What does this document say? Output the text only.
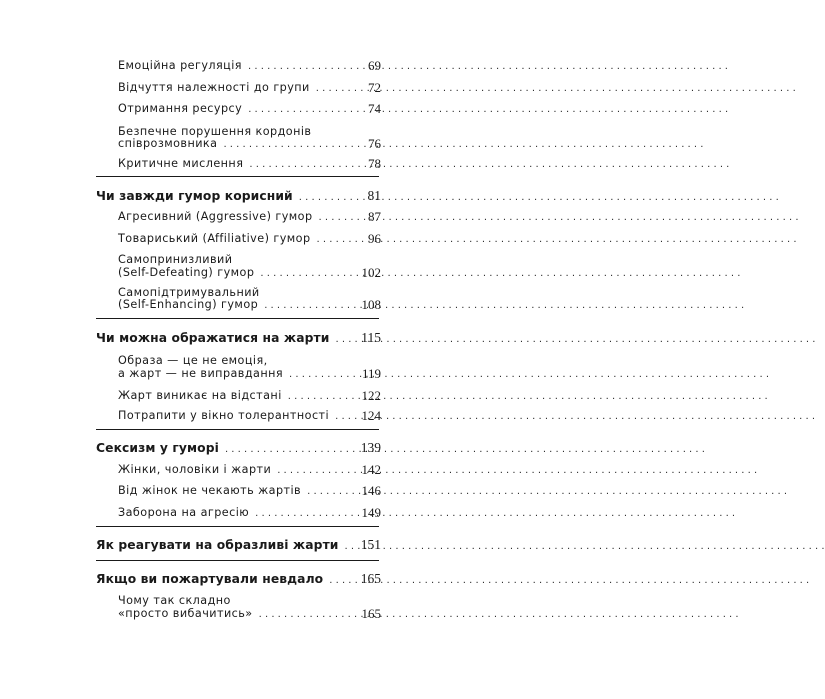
Емоційна регуляція . . .	69
Відчуття належності до групи . . .	72
Отримання ресурсу . . .	74
Безпечне порушення кордонів
співрозмовника . . .	76
Критичне мислення . . .	78
Чи завжди гумор корисний . . .	81
Агресивний (Aggressive) гумор . . .	87
Товариський (Affiliative) гумор . . .	96
Самопринизливий
(Self-Defeating) гумор . . .	102
Самопідтримувальний
(Self-Enhancing) гумор . . .	108
Чи можна ображатися на жарти . . . 115
Образа — це не емоція,
а жарт — не виправдання . . .	119
Жарт виникає на відстані . . .	122
Потрапити у вікно толерантності . . . 124
Сексизм у гуморі . . .	139
Жінки, чоловіки і жарти . . .	142
Від жінок не чекають жартів . . .	146
Заборона на агресію . . .	149
Як реагувати на образливі жарти . . . 151
Якщо ви пожартували невдало . . .	165
Чому так складно
«просто вибачитись» . . .	165
